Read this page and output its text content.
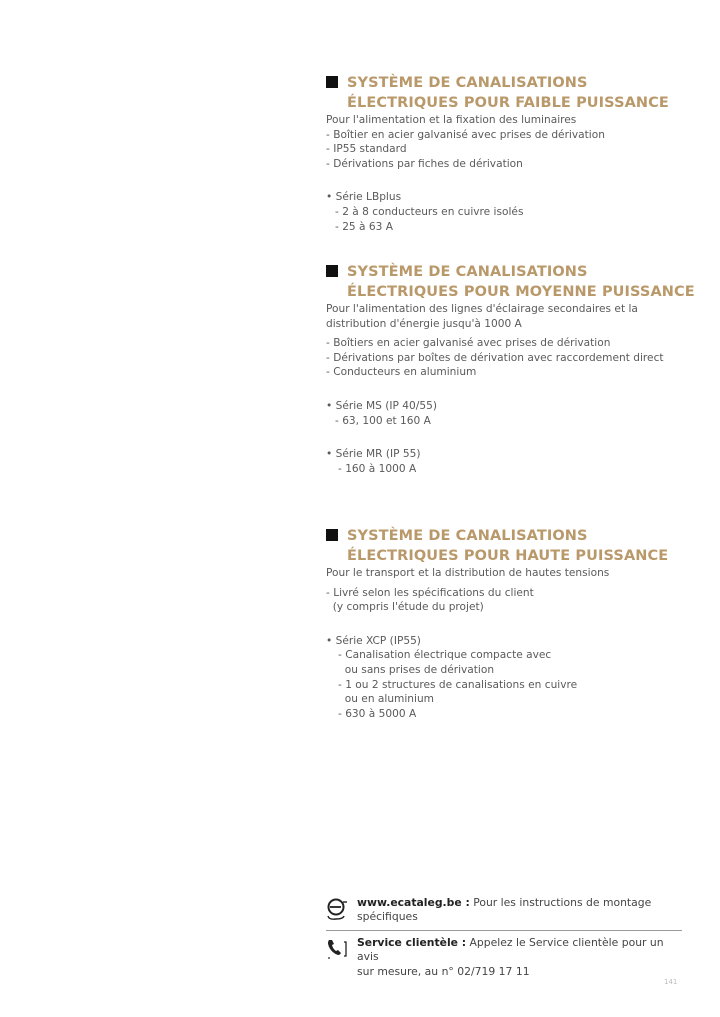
SYSTÈME DE CANALISATIONS
ÉLECTRIQUES POUR FAIBLE PUISSANCE
Pour l'alimentation et la fixation des luminaires
- Boîtier en acier galvanisé avec prises de dérivation
- IP55 standard
- Dérivations par fiches de dérivation
• Série LBplus
- 2 à 8 conducteurs en cuivre isolés
- 25 à 63 A
SYSTÈME DE CANALISATIONS
ÉLECTRIQUES POUR MOYENNE PUISSANCE
Pour l'alimentation des lignes d'éclairage secondaires et la
distribution d'énergie jusqu'à 1000 A
- Boîtiers en acier galvanisé avec prises de dérivation
- Dérivations par boîtes de dérivation avec raccordement direct
- Conducteurs en aluminium
• Série MS (IP 40/55)
- 63, 100 et 160 A
• Série MR (IP 55)
- 160 à 1000 A
SYSTÈME DE CANALISATIONS
ÉLECTRIQUES POUR HAUTE PUISSANCE
Pour le transport et la distribution de hautes tensions
- Livré selon les spécifications du client
(y compris l'étude du projet)
• Série XCP (IP55)
- Canalisation électrique compacte avec
ou sans prises de dérivation
- 1 ou 2 structures de canalisations en cuivre
ou en aluminium
- 630 à 5000 A
www.ecataleg.be : Pour les instructions de montage
spécifiques
Service clientèle : Appelez le Service clientèle pour un avis
sur mesure, au n° 02/719 17 11
141
